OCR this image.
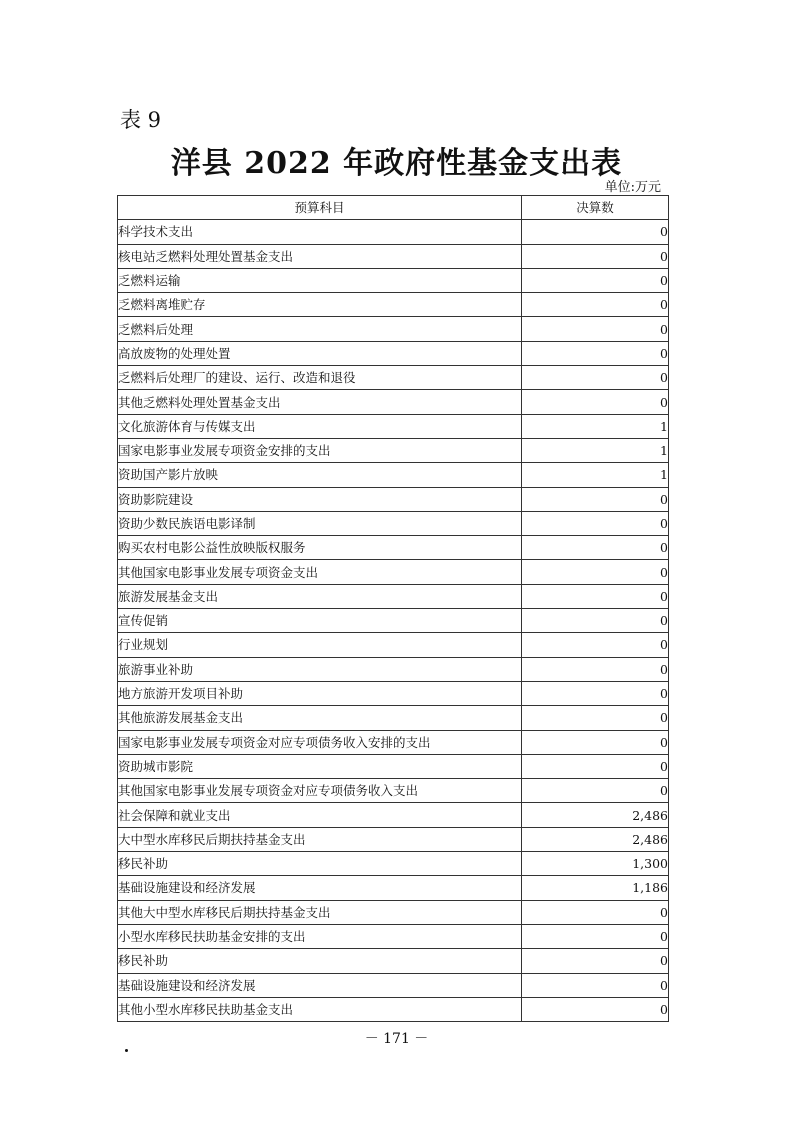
表 9
洋县 2022 年政府性基金支出表
单位:万元
预算科目	决算数
科学技术支出	0
核电站乏燃料处理处置基金支出	0
乏燃料运输	0
乏燃料离堆贮存	0
乏燃料后处理	0
高放废物的处理处置	0
乏燃料后处理厂的建设、运行、改造和退役	0
其他乏燃料处理处置基金支出	0
文化旅游体育与传媒支出	1
国家电影事业发展专项资金安排的支出	1
资助国产影片放映	1
资助影院建设	0
资助少数民族语电影译制	0
购买农村电影公益性放映版权服务	0
其他国家电影事业发展专项资金支出	0
旅游发展基金支出	0
宣传促销	0
行业规划	0
旅游事业补助	0
地方旅游开发项目补助	0
其他旅游发展基金支出	0
国家电影事业发展专项资金对应专项债务收入安排的支出	0
资助城市影院	0
其他国家电影事业发展专项资金对应专项债务收入支出	0
社会保障和就业支出	2,486
大中型水库移民后期扶持基金支出	2,486
移民补助	1,300
基础设施建设和经济发展	1,186
其他大中型水库移民后期扶持基金支出	0
小型水库移民扶助基金安排的支出	0
移民补助	0
基础设施建设和经济发展	0
其他小型水库移民扶助基金支出	0
－ 171 －
